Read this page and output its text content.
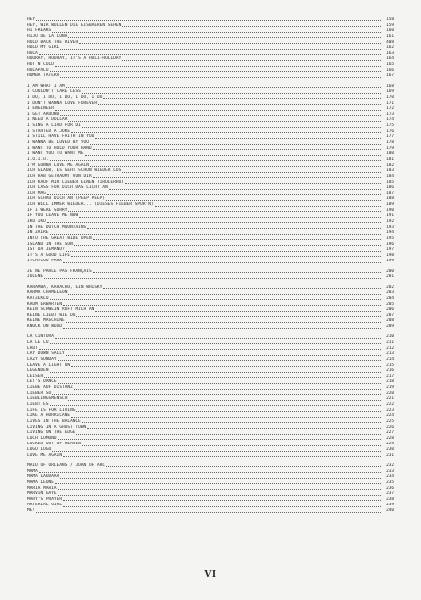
HEY	158
HEY, WIR WOLLEN DIE EISBAEREN SEHEN	159
HI FREAKS	160
HIJO DE LA LUNA	161
HOLD BACK THE RIVER	408
HOLD MY GIRL	162
HOLA	163
HOORAY, HOORAY, IT'S A HOLI-HOLIDAY	164
HOT N COLD	165
HULAPALU	166
HUMBA TÄTERA	167
I AM WHAT I AM	168
I COULDN'T CARE LESS	169
I DO, I DO, I DO, I DO, I DO	170
I DON'T WANNA LOVE FOREVER	171
I ENGINEER	172
I GET AROUND	173
I NEED A DOLLAR	174
I SING A LIAD FÜR DI	175
I STARTED A JOKE	176
I STILL HAVE FAITH IN YOU	177
I WANNA BE LOVED BY YOU	178
I WANT TO HOLD YOUR HAND	179
I WANT YOU TO WANT ME	180
I.O.I.O.	181
I'M GONNA LOVE ME AGAIN	182
ICH GLAUB, ES GEHT SCHON WIEDER LOS	183
ICH HAB GETRÄUMT VON DIR	184
ICH KAUF MIR LIEBER EINEN TIROLERHUT	185
ICH LASS FÜR DICH DAS LICHT AN	186
ICH MAG	187
ICH SCHAU DICH AN (PEEP PEEP)	188
ICH WILL IMMER WIEDER... (DIESES FIEBER SPÜR'N)	189
IF I WERE SORRY	190
IF YOU LEAVE ME NOW	191
IKO IKO	192
IN THE DUTCH MOUNTAINS	193
IN ZAIRE	194
INTO THE GREAT WIDE OPEN	195
ISLAND IN THE SUN	196
IST DA JEMAND?	197
IT'S A GOOD LIFE	198
ITCHYCOO PARK	199
JE NE PARLE PAS FRANÇAIS	200
JOLENE	201
KARAMBA, KARACHO, EIN WHISKY	202
KARMA CHAMELEON	203
KATZEKLO	204
KAUM ERWARTEN	205
KEIN SCHWEIN RUFT MICH AN	206
KEINE LIEBT WIE DU	207
KEINE MASCHINE	208
KNOCK ON WOOD	209
LA CINTURA	210
LA LE LU	211
LAUT	212
LAY DOWN SALLY	213
LAZY SUNDAY	214
LEAVE A LIGHT ON	215
LEGENDEN	216
LEISER	217
LET'S DANCE	218
LIEBE AUF DISTANZ	219
LIEBER SO	220
LIEBLINGSMENSCH	221
LIEBT ES	222
LIFE IS FOR LIVING	223
LIKE A HURRICANE	224
LIVES IN THE BALANCE	225
LIVING IN A GHOST TOWN	226
LIVING ON THE EDGE	227
LOCH LOMOND	228
LOCKED OUT OF HEAVEN	229
LOGO LOGO	230
LOVE ME AGAIN	231
MAID OF ORLEANS / JOAN OF ARC	232
MAMA	233
MAMA LAUDAAA	234
MAMA LEONE	235
MARIA MARIA	236
MARVIN GAYE	237
MARY'S PRAYER	238
MATERIAL GIRL	239
ME!	240
VI
